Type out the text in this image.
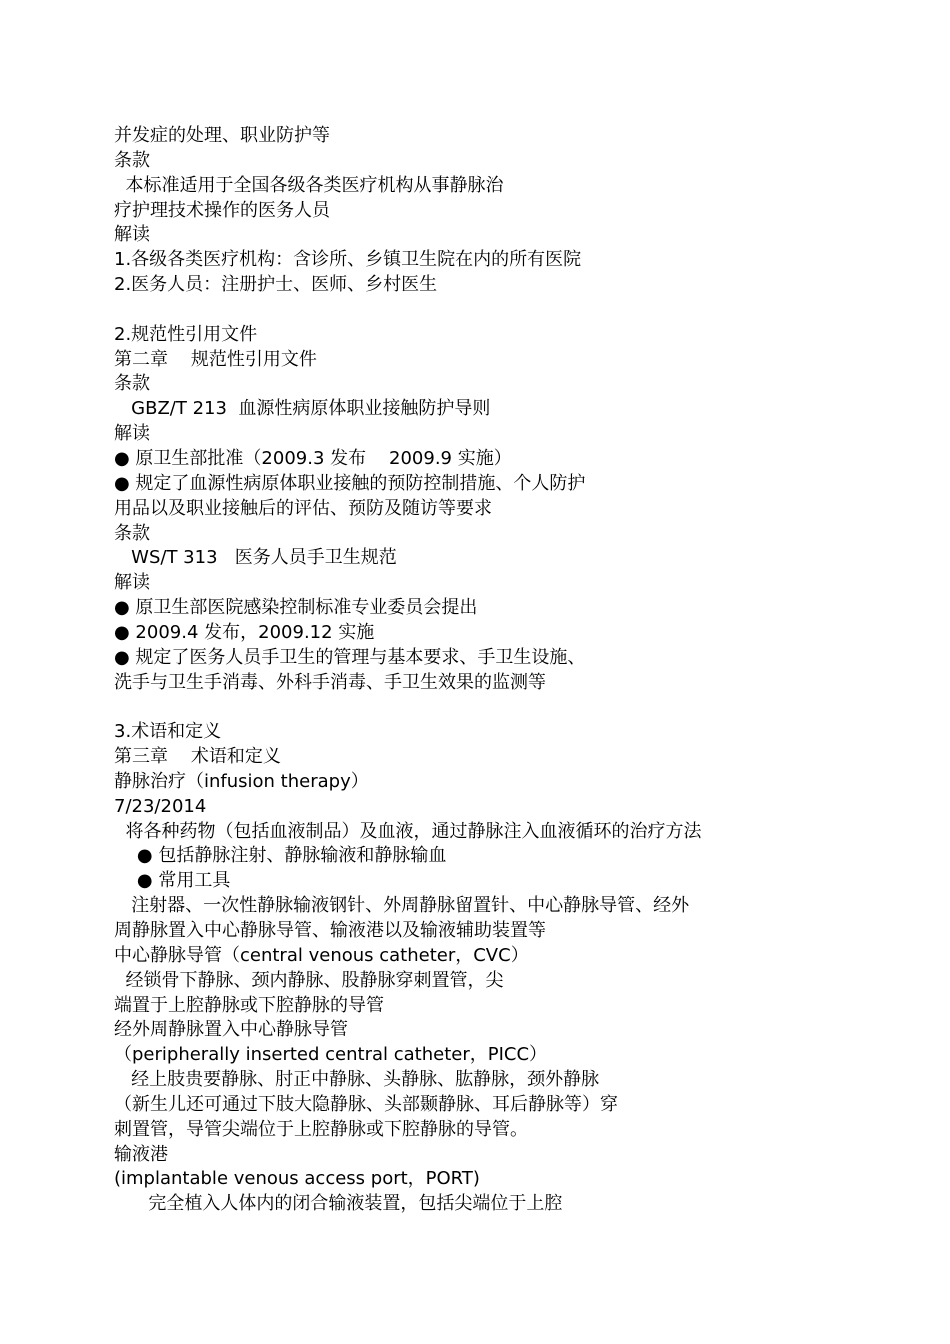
并发症的处理、职业防护等
条款
本标准适用于全国各级各类医疗机构从事静脉治
疗护理技术操作的医务人员
解读
1.各级各类医疗机构：含诊所、乡镇卫生院在内的所有医院
2.医务人员：注册护士、医师、乡村医生
2.规范性引用文件
第二章    规范性引用文件
条款
GBZ/T 213  血源性病原体职业接触防护导则
解读
● 原卫生部批准（2009.3 发布    2009.9 实施）
● 规定了血源性病原体职业接触的预防控制措施、个人防护
用品以及职业接触后的评估、预防及随访等要求
条款
WS/T 313   医务人员手卫生规范
解读
● 原卫生部医院感染控制标准专业委员会提出
● 2009.4 发布，2009.12 实施
● 规定了医务人员手卫生的管理与基本要求、手卫生设施、
洗手与卫生手消毒、外科手消毒、手卫生效果的监测等
3.术语和定义
第三章    术语和定义
静脉治疗（infusion therapy）
7/23/2014
将各种药物（包括血液制品）及血液，通过静脉注入血液循环的治疗方法
● 包括静脉注射、静脉输液和静脉输血
● 常用工具
注射器、一次性静脉输液钢针、外周静脉留置针、中心静脉导管、经外
周静脉置入中心静脉导管、输液港以及输液辅助装置等
中心静脉导管（central venous catheter，CVC）
经锁骨下静脉、颈内静脉、股静脉穿刺置管，尖
端置于上腔静脉或下腔静脉的导管
经外周静脉置入中心静脉导管
（peripherally inserted central catheter，PICC）
经上肢贵要静脉、肘正中静脉、头静脉、肱静脉，颈外静脉
（新生儿还可通过下肢大隐静脉、头部颞静脉、耳后静脉等）穿
刺置管，导管尖端位于上腔静脉或下腔静脉的导管。
输液港
(implantable venous access port，PORT)
完全植入人体内的闭合输液装置，包括尖端位于上腔
